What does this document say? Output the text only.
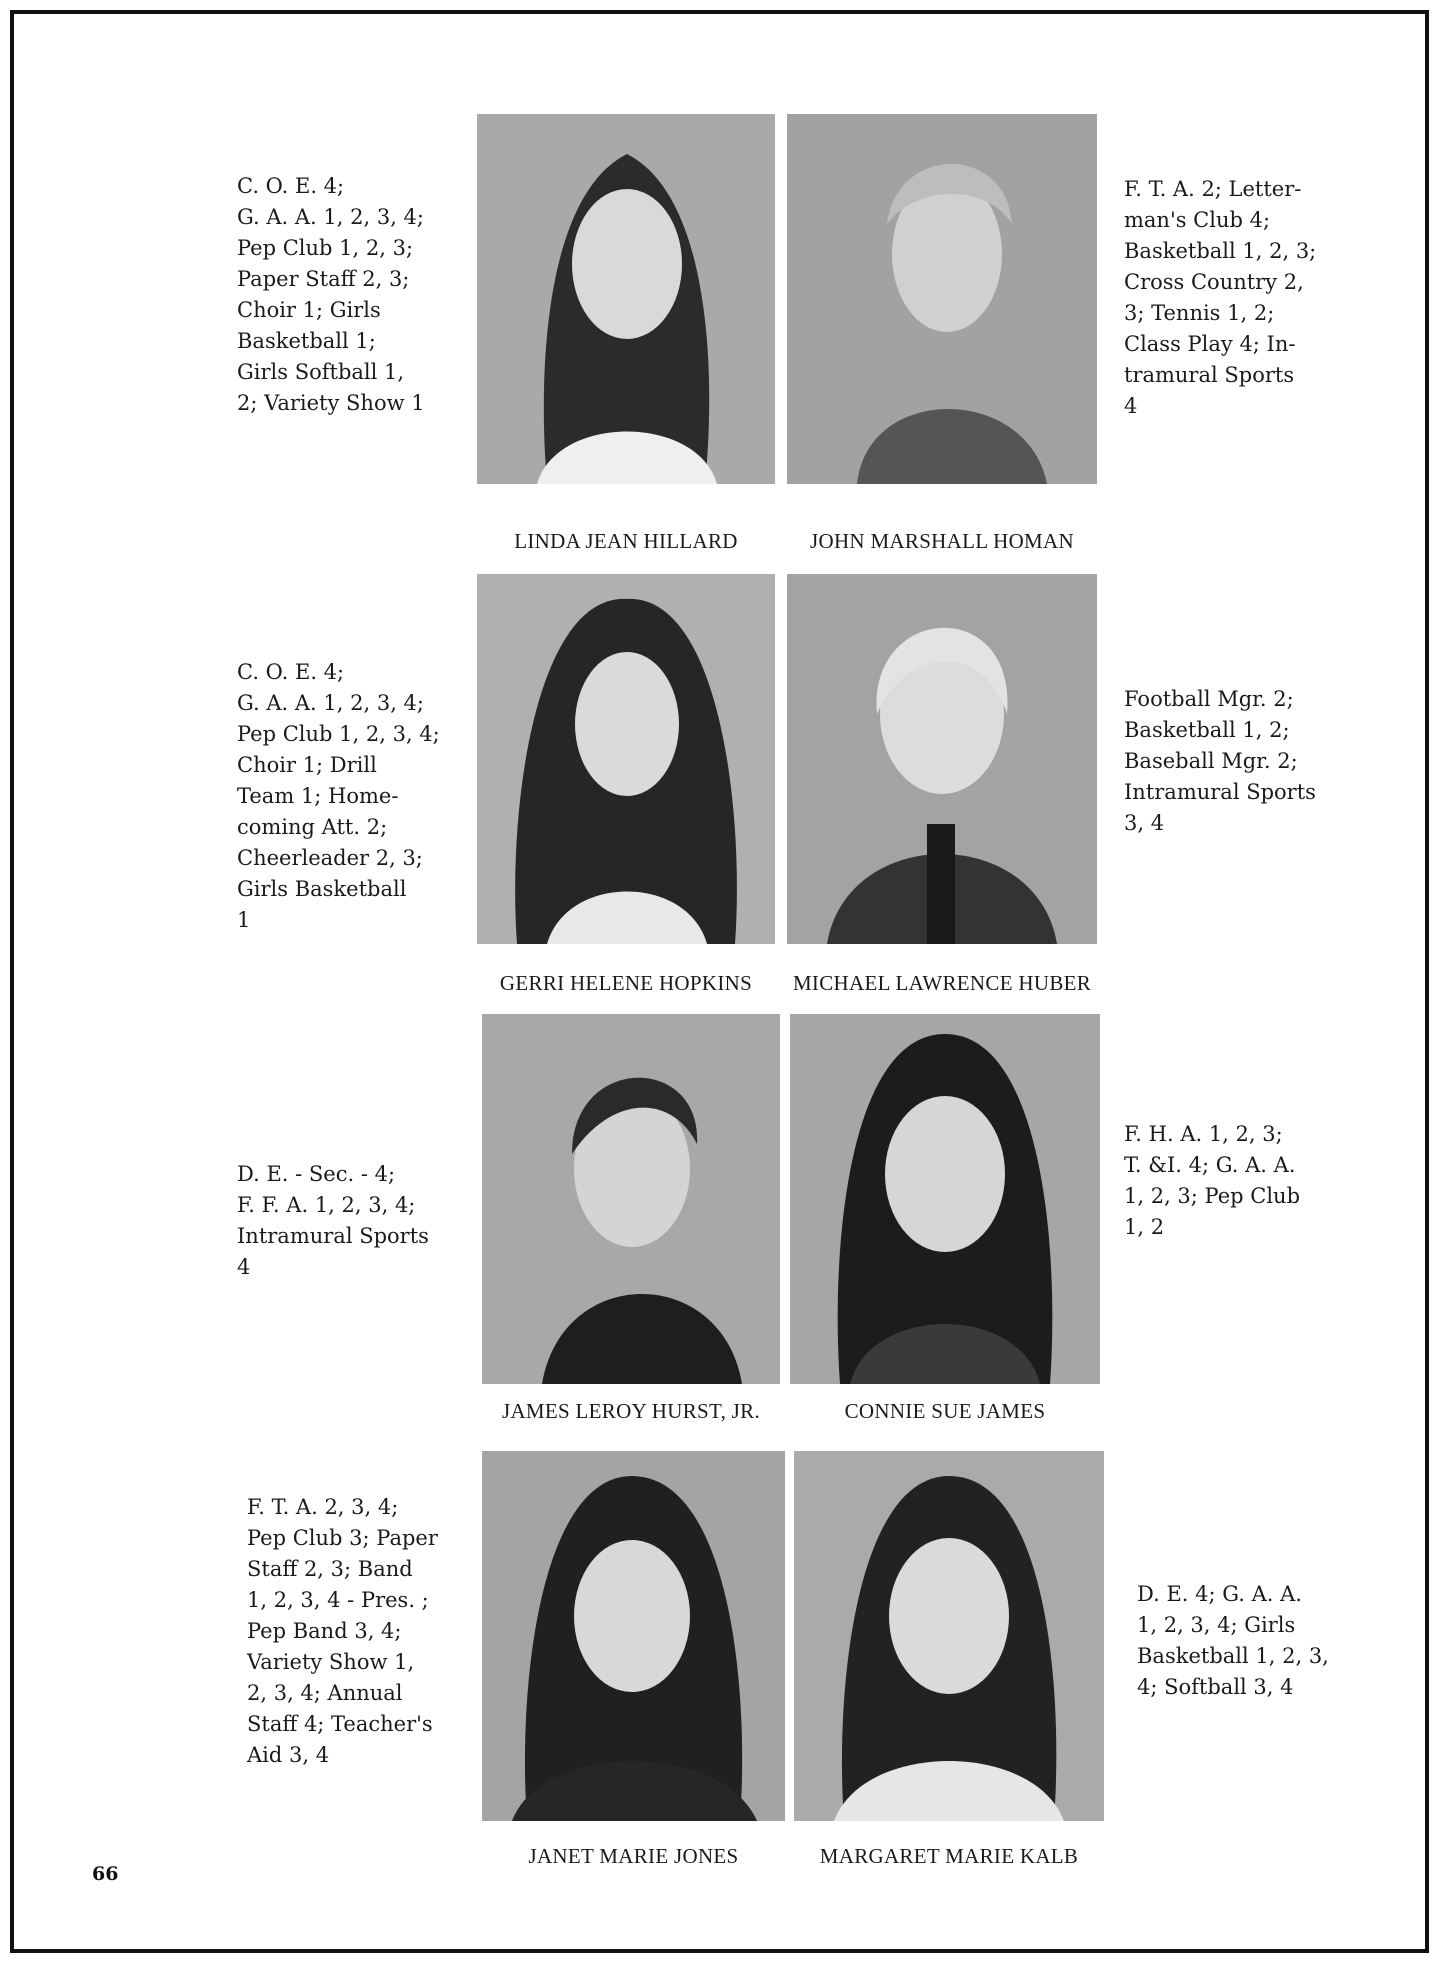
C. O. E. 4;
G. A. A. 1, 2, 3, 4;
Pep Club 1, 2, 3;
Paper Staff 2, 3;
Choir 1; Girls
Basketball 1;
Girls Softball 1,
2; Variety Show 1
F. T. A. 2; Letter-
man's Club 4;
Basketball 1, 2, 3;
Cross Country 2,
3; Tennis 1, 2;
Class Play 4; In-
tramural Sports
4
LINDA JEAN HILLARD	JOHN MARSHALL HOMAN
C. O. E. 4;
G. A. A. 1, 2, 3, 4;
Pep Club 1, 2, 3, 4;
Choir 1; Drill
Team 1; Home-
coming Att. 2;
Cheerleader 2, 3;
Girls Basketball
1
Football Mgr. 2;
Basketball 1, 2;
Baseball Mgr. 2;
Intramural Sports
3, 4
GERRI HELENE HOPKINS	MICHAEL LAWRENCE HUBER
D. E. - Sec. - 4;
F. F. A. 1, 2, 3, 4;
Intramural Sports
4
F. H. A. 1, 2, 3;
T. &I. 4; G. A. A.
1, 2, 3; Pep Club
1, 2
JAMES LEROY HURST, JR.	CONNIE SUE JAMES
F. T. A. 2, 3, 4;
Pep Club 3; Paper
Staff 2, 3; Band
1, 2, 3, 4 - Pres. ;
Pep Band 3, 4;
Variety Show 1,
2, 3, 4; Annual
Staff 4; Teacher's
Aid 3, 4
D. E. 4; G. A. A.
1, 2, 3, 4; Girls
Basketball 1, 2, 3,
4; Softball 3, 4
JANET MARIE JONES	MARGARET MARIE KALB
66
